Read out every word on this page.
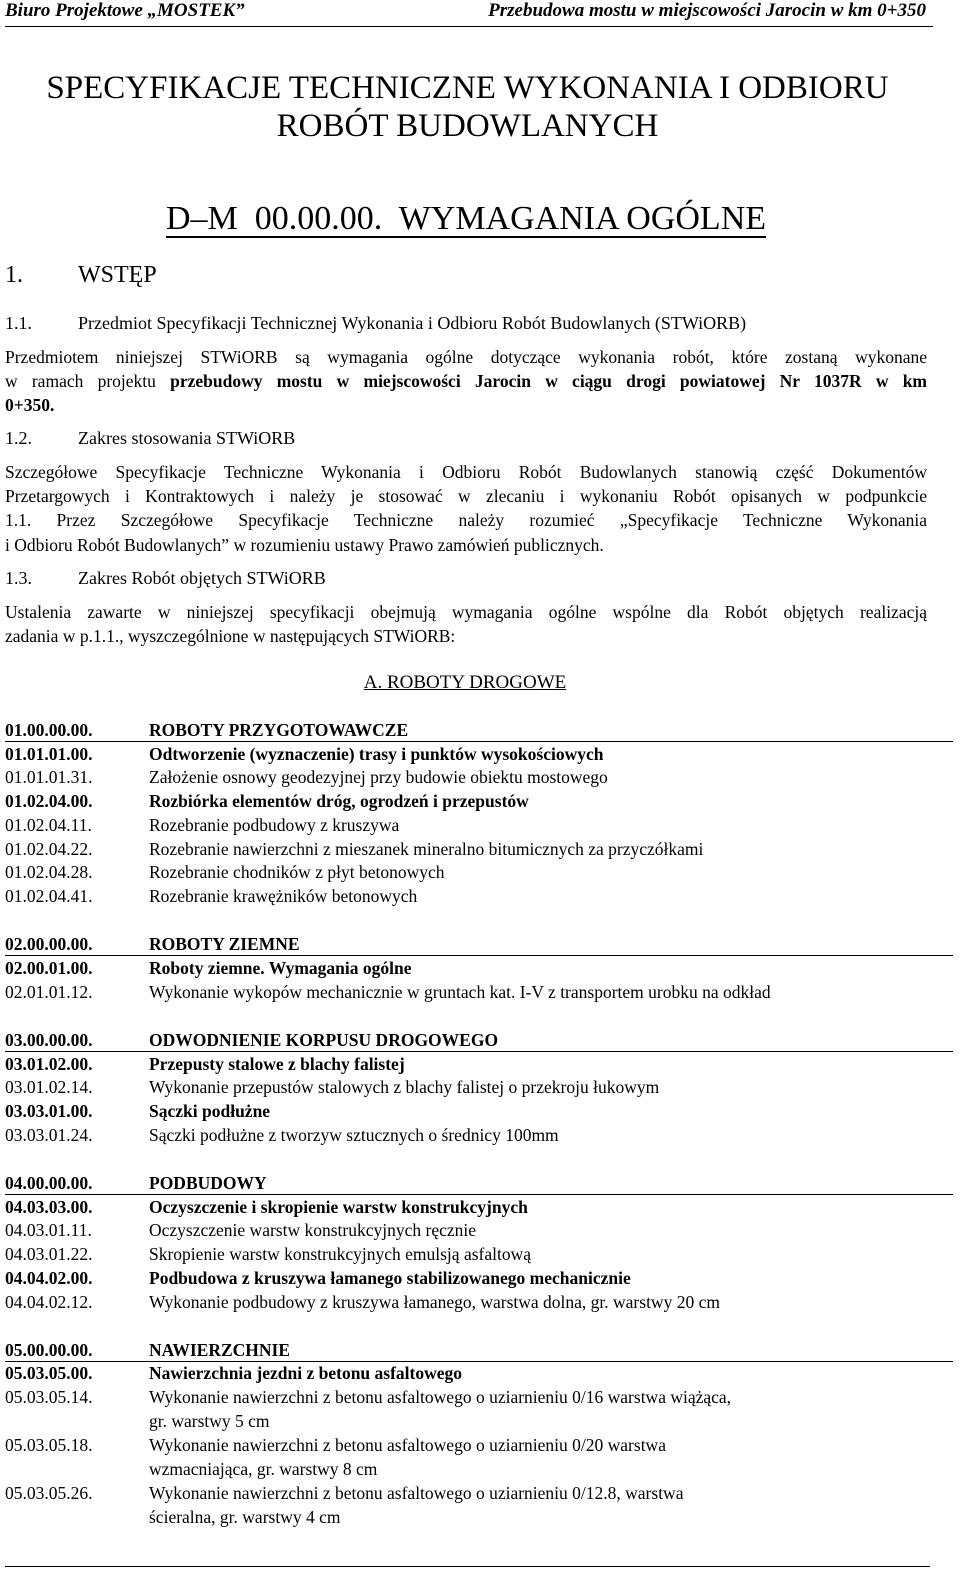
Biuro Projektowe „MOSTEK”	Przebudowa mostu w miejscowości Jarocin w km 0+350
SPECYFIKACJE TECHNICZNE WYKONANIA I ODBIORU
ROBÓT BUDOWLANYCH
D–M  00.00.00.  WYMAGANIA OGÓLNE
1. WSTĘP
1.1.	Przedmiot Specyfikacji Technicznej Wykonania i Odbioru Robót Budowlanych (STWiORB)
Przedmiotem niniejszej STWiORB są wymagania ogólne dotyczące wykonania robót, które zostaną wykonane
w ramach projektu przebudowy mostu w miejscowości Jarocin w ciągu drogi powiatowej Nr 1037R w km
0+350.
1.2.	Zakres stosowania STWiORB
Szczegółowe Specyfikacje Techniczne Wykonania i Odbioru Robót Budowlanych stanowią część Dokumentów
Przetargowych i Kontraktowych i należy je stosować w zlecaniu i wykonaniu Robót opisanych w podpunkcie
1.1. Przez Szczegółowe Specyfikacje Techniczne należy rozumieć „Specyfikacje Techniczne Wykonania
i Odbioru Robót Budowlanych” w rozumieniu ustawy Prawo zamówień publicznych.
1.3.	Zakres Robót objętych STWiORB
Ustalenia zawarte w niniejszej specyfikacji obejmują wymagania ogólne wspólne dla Robót objętych realizacją
zadania w p.1.1., wyszczególnione w następujących STWiORB:
A. ROBOTY DROGOWE
01.00.00.00.	ROBOTY PRZYGOTOWAWCZE
01.01.01.00.	Odtworzenie (wyznaczenie) trasy i punktów wysokościowych
01.01.01.31.	Założenie osnowy geodezyjnej przy budowie obiektu mostowego
01.02.04.00.	Rozbiórka elementów dróg, ogrodzeń i przepustów
01.02.04.11.	Rozebranie podbudowy z kruszywa
01.02.04.22.	Rozebranie nawierzchni z mieszanek mineralno bitumicznych za przyczółkami
01.02.04.28.	Rozebranie chodników z płyt betonowych
01.02.04.41.	Rozebranie krawężników betonowych
02.00.00.00.	ROBOTY ZIEMNE
02.00.01.00.	Roboty ziemne. Wymagania ogólne
02.01.01.12.	Wykonanie wykopów mechanicznie w gruntach kat. I-V z transportem urobku na odkład
03.00.00.00.	ODWODNIENIE KORPUSU DROGOWEGO
03.01.02.00.	Przepusty stalowe z blachy falistej
03.01.02.14.	Wykonanie przepustów stalowych z blachy falistej o przekroju łukowym
03.03.01.00.	Sączki podłużne
03.03.01.24.	Sączki podłużne z tworzyw sztucznych o średnicy 100mm
04.00.00.00.	PODBUDOWY
04.03.03.00.	Oczyszczenie i skropienie warstw konstrukcyjnych
04.03.01.11.	Oczyszczenie warstw konstrukcyjnych ręcznie
04.03.01.22.	Skropienie warstw konstrukcyjnych emulsją asfaltową
04.04.02.00.	Podbudowa z kruszywa łamanego stabilizowanego mechanicznie
04.04.02.12.	Wykonanie podbudowy z kruszywa łamanego, warstwa dolna, gr. warstwy 20 cm
05.00.00.00.	NAWIERZCHNIE
05.03.05.00.	Nawierzchnia jezdni z betonu asfaltowego
05.03.05.14.	Wykonanie nawierzchni z betonu asfaltowego o uziarnieniu 0/16 warstwa wiążąca,
gr. warstwy 5 cm
05.03.05.18.	Wykonanie nawierzchni z betonu asfaltowego o uziarnieniu 0/20 warstwa
wzmacniająca, gr. warstwy 8 cm
05.03.05.26.	Wykonanie nawierzchni z betonu asfaltowego o uziarnieniu 0/12.8, warstwa
ścieralna, gr. warstwy 4 cm
